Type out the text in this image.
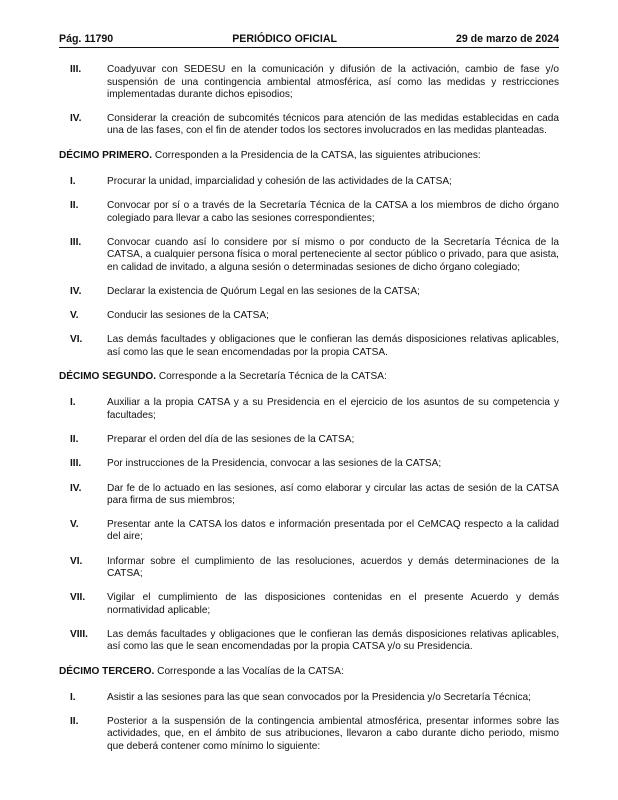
Pág. 11790	PERIÓDICO OFICIAL	29 de marzo de 2024
III.	Coadyuvar con SEDESU en la comunicación y difusión de la activación, cambio de fase y/o suspensión de una contingencia ambiental atmosférica, así como las medidas y restricciones implementadas durante dichos episodios;
IV.	Considerar la creación de subcomités técnicos para atención de las medidas establecidas en cada una de las fases, con el fin de atender todos los sectores involucrados en las medidas planteadas.

DÉCIMO PRIMERO. Corresponden a la Presidencia de la CATSA, las siguientes atribuciones:

I.	Procurar la unidad, imparcialidad y cohesión de las actividades de la CATSA;
II.	Convocar por sí o a través de la Secretaría Técnica de la CATSA a los miembros de dicho órgano colegiado para llevar a cabo las sesiones correspondientes;
III.	Convocar cuando así lo considere por sí mismo o por conducto de la Secretaría Técnica de la CATSA, a cualquier persona física o moral perteneciente al sector público o privado, para que asista, en calidad de invitado, a alguna sesión o determinadas sesiones de dicho órgano colegiado;
IV.	Declarar la existencia de Quórum Legal en las sesiones de la CATSA;
V.	Conducir las sesiones de la CATSA;
VI.	Las demás facultades y obligaciones que le confieran las demás disposiciones relativas aplicables, así como las que le sean encomendadas por la propia CATSA.

DÉCIMO SEGUNDO. Corresponde a la Secretaría Técnica de la CATSA:

I.	Auxiliar a la propia CATSA y a su Presidencia en el ejercicio de los asuntos de su competencia y facultades;
II.	Preparar el orden del día de las sesiones de la CATSA;
III.	Por instrucciones de la Presidencia, convocar a las sesiones de la CATSA;
IV.	Dar fe de lo actuado en las sesiones, así como elaborar y circular las actas de sesión de la CATSA para firma de sus miembros;
V.	Presentar ante la CATSA los datos e información presentada por el CeMCAQ respecto a la calidad del aire;
VI.	Informar sobre el cumplimiento de las resoluciones, acuerdos y demás determinaciones de la CATSA;
VII.	Vigilar el cumplimiento de las disposiciones contenidas en el presente Acuerdo y demás normatividad aplicable;
VIII.	Las demás facultades y obligaciones que le confieran las demás disposiciones relativas aplicables, así como las que le sean encomendadas por la propia CATSA y/o su Presidencia.

DÉCIMO TERCERO. Corresponde a las Vocalías de la CATSA:

I.	Asistir a las sesiones para las que sean convocados por la Presidencia y/o Secretaría Técnica;
II.	Posterior a la suspensión de la contingencia ambiental atmosférica, presentar informes sobre las actividades, que, en el ámbito de sus atribuciones, llevaron a cabo durante dicho periodo, mismo que deberá contener como mínimo lo siguiente:
